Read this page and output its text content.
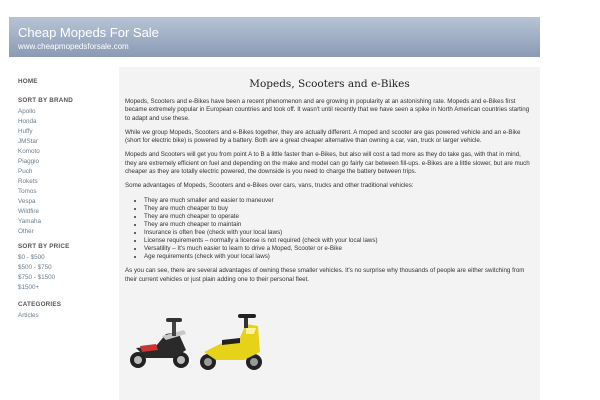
Cheap Mopeds For Sale
www.cheapmopedsforsale.com
HOME
SORT BY BRAND
Apollo
Honda
Huffy
JMStar
Komoto
Piaggio
Puch
Rokets
Tomos
Vespa
Wildfire
Yamaha
Other
SORT BY PRICE
$0 - $500
$500 - $750
$750 - $1500
$1500+
CATEGORIES
Articles
Mopeds, Scooters and e-Bikes

Mopeds, Scooters and e-Bikes have been a recent phenomenon and are growing in popularity at an astonishing rate. Mopeds and e-Bikes first became extremely popular in European countries and took off. It wasn't until recently that we have seen a spike in North American countries starting to adapt and use these.

While we group Mopeds, Scooters and e-Bikes together, they are actually different. A moped and scooter are gas powered vehicle and an e-Bike (short for electric bike) is powered by a battery. Both are a great cheaper alternative than owning a car, van, truck or larger vehicle.

Mopeds and Scooters will get you from point A to B a little faster than e-Bikes, but also will cost a tad more as they do take gas, with that in mind, they are extremely efficient on fuel and depending on the make and model can go fairly car between fill-ups. e-Bikes are a little slower, but are much cheaper as they are totally electric powered, the downside is you need to charge the battery between trips.

Some advantages of Mopeds, Scooters and e-Bikes over cars, vans, trucks and other traditional vehicles:

• They are much smaller and easier to maneuver
• They are much cheaper to buy
• They are much cheaper to operate
• They are much cheaper to maintain
• Insurance is often free (check with your local laws)
• License requirements – normally a license is not required (check with your local laws)
• Versatility – It's much easier to learn to drive a Moped, Scooter or e-Bike
• Age requirements (check with your local laws)

As you can see, there are several advantages of owning these smaller vehicles. It's no surprise why thousands of people are either switching from their current vehicles or just plain adding one to their personal fleet.
